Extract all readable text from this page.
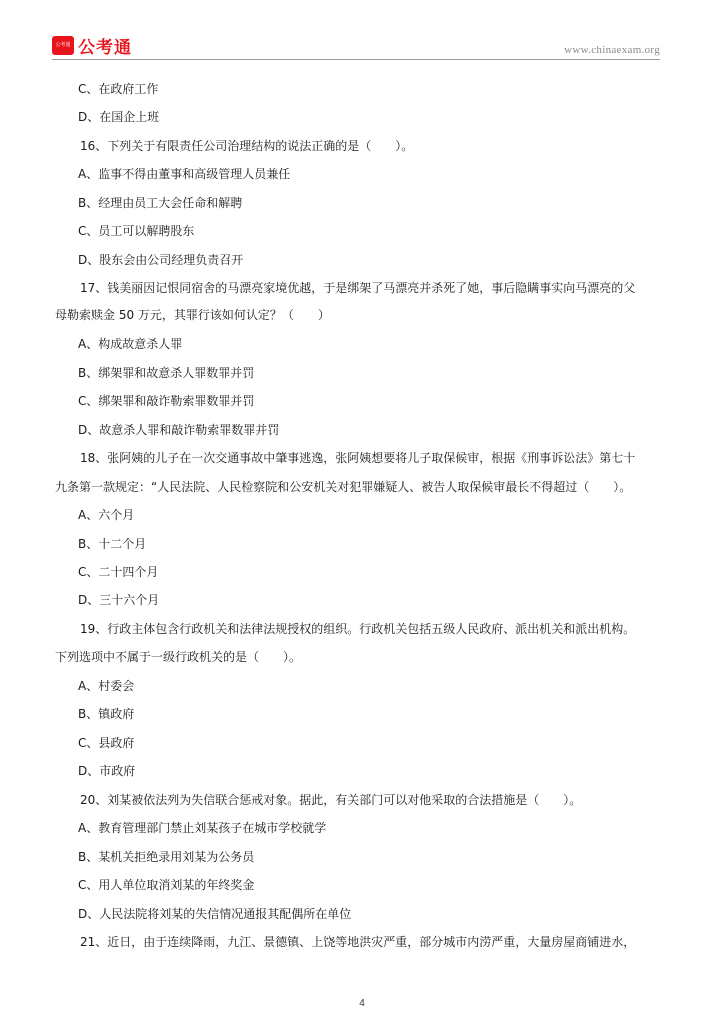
公考通 公考通	www.chinaexam.org
C、在政府工作
D、在国企上班
16、下列关于有限责任公司治理结构的说法正确的是（　　）。
A、监事不得由董事和高级管理人员兼任
B、经理由员工大会任命和解聘
C、员工可以解聘股东
D、股东会由公司经理负责召开
17、钱美丽因记恨同宿舍的马漂亮家境优越，于是绑架了马漂亮并杀死了她，事后隐瞒事实向马漂亮的父
母勒索赎金 50 万元，其罪行该如何认定？（　　）
A、构成故意杀人罪
B、绑架罪和故意杀人罪数罪并罚
C、绑架罪和敲诈勒索罪数罪并罚
D、故意杀人罪和敲诈勒索罪数罪并罚
18、张阿姨的儿子在一次交通事故中肇事逃逸，张阿姨想要将儿子取保候审，根据《刑事诉讼法》第七十
九条第一款规定：“人民法院、人民检察院和公安机关对犯罪嫌疑人、被告人取保候审最长不得超过（　　）。
A、六个月
B、十二个月
C、二十四个月
D、三十六个月
19、行政主体包含行政机关和法律法规授权的组织。行政机关包括五级人民政府、派出机关和派出机构。
下列选项中不属于一级行政机关的是（　　）。
A、村委会
B、镇政府
C、县政府
D、市政府
20、刘某被依法列为失信联合惩戒对象。据此，有关部门可以对他采取的合法措施是（　　）。
A、教育管理部门禁止刘某孩子在城市学校就学
B、某机关拒绝录用刘某为公务员
C、用人单位取消刘某的年终奖金
D、人民法院将刘某的失信情况通报其配偶所在单位
21、近日，由于连续降雨，九江、景德镇、上饶等地洪灾严重，部分城市内涝严重，大量房屋商铺进水，
4
